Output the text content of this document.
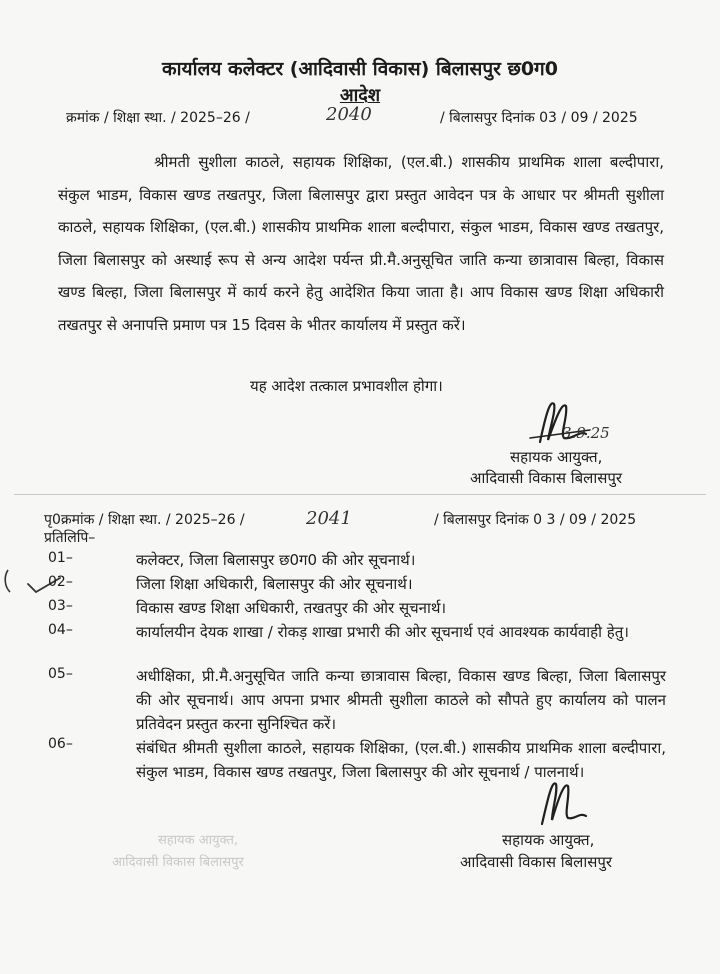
कार्यालय कलेक्टर (आदिवासी विकास) बिलासपुर छ0ग0
आदेश
क्रमांक / शिक्षा स्था. / 2025–26 /	2040	/ बिलासपुर दिनांक 03 / 09 / 2025
श्रीमती सुशीला काठले, सहायक शिक्षिका, (एल.बी.) शासकीय प्राथमिक शाला बल्दीपारा, संकुल भाडम, विकास खण्ड तखतपुर, जिला बिलासपुर द्वारा प्रस्तुत आवेदन पत्र के आधार पर श्रीमती सुशीला काठले, सहायक शिक्षिका, (एल.बी.) शासकीय प्राथमिक शाला बल्दीपारा, संकुल भाडम, विकास खण्ड तखतपुर, जिला बिलासपुर को अस्थाई रूप से अन्य आदेश पर्यन्त प्री.मै.अनुसूचित जाति कन्या छात्रावास बिल्हा, विकास खण्ड बिल्हा, जिला बिलासपुर में कार्य करने हेतु आदेशित किया जाता है। आप विकास खण्ड शिक्षा अधिकारी तखतपुर से अनापत्ति प्रमाण पत्र 15 दिवस के भीतर कार्यालय में प्रस्तुत करें।
यह आदेश तत्काल प्रभावशील होगा।
3.9.25
सहायक आयुक्त,
आदिवासी विकास बिलासपुर
पृ0क्रमांक / शिक्षा स्था. / 2025–26 /	2041	/ बिलासपुर दिनांक 0 3 / 09 / 2025
प्रतिलिपि–
01–	कलेक्टर, जिला बिलासपुर छ0ग0 की ओर सूचनार्थ।
02–	जिला शिक्षा अधिकारी, बिलासपुर की ओर सूचनार्थ।
03–	विकास खण्ड शिक्षा अधिकारी, तखतपुर की ओर सूचनार्थ।
04–	कार्यालयीन देयक शाखा / रोकड़ शाखा प्रभारी की ओर सूचनार्थ एवं आवश्यक कार्यवाही हेतु।
05–	अधीक्षिका, प्री.मै.अनुसूचित जाति कन्या छात्रावास बिल्हा, विकास खण्ड बिल्हा, जिला बिलासपुर की ओर सूचनार्थ। आप अपना प्रभार श्रीमती सुशीला काठले को सौपते हुए कार्यालय को पालन प्रतिवेदन प्रस्तुत करना सुनिश्चित करें।
06–	संबंधित श्रीमती सुशीला काठले, सहायक शिक्षिका, (एल.बी.) शासकीय प्राथमिक शाला बल्दीपारा, संकुल भाडम, विकास खण्ड तखतपुर, जिला बिलासपुर की ओर सूचनार्थ / पालनार्थ।
सहायक आयुक्त,
आदिवासी विकास बिलासपुर
सहायक आयुक्त,
आदिवासी विकास बिलासपुर
